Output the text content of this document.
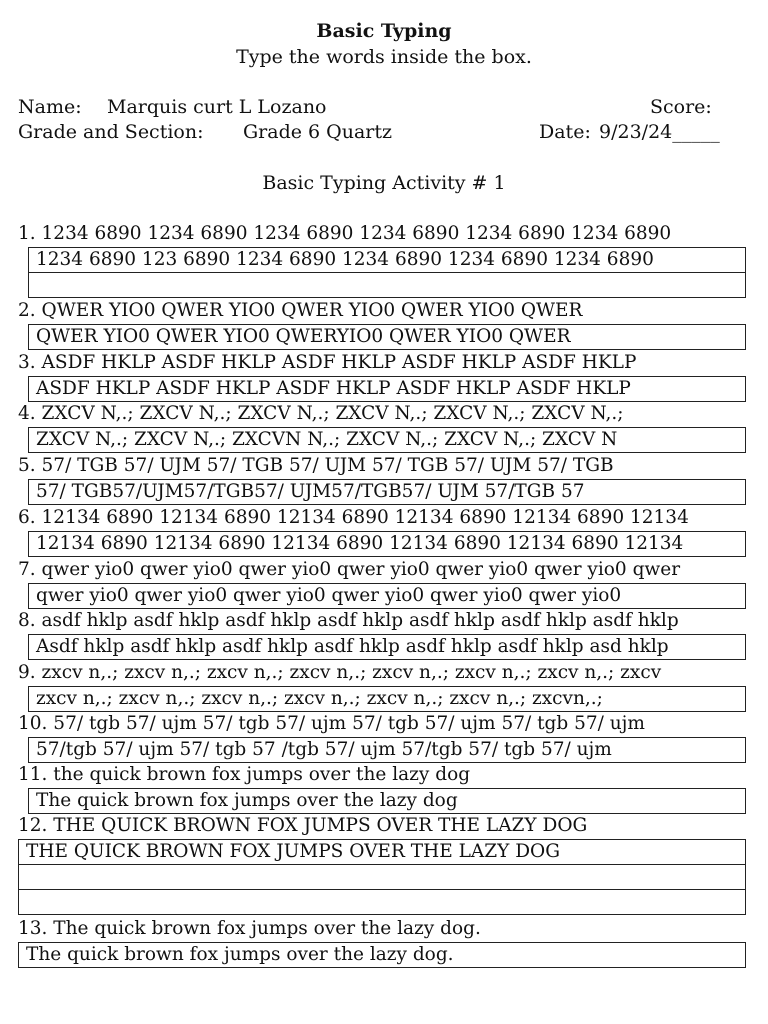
Basic Typing
Type the words inside the box.
Name: Marquis curt L Lozano	Score:
Grade and Section: Grade 6 Quartz	Date: 9/23/24_____
Basic Typing Activity # 1
1. 1234 6890 1234 6890 1234 6890 1234 6890 1234 6890 1234 6890
1234 6890 123 6890 1234 6890 1234 6890 1234 6890 1234 6890
2. QWER YIO0 QWER YIO0 QWER YIO0 QWER YIO0 QWER
QWER YIO0 QWER YIO0 QWERYIO0 QWER YIO0 QWER
3. ASDF HKLP ASDF HKLP ASDF HKLP ASDF HKLP ASDF HKLP
ASDF HKLP ASDF HKLP ASDF HKLP ASDF HKLP ASDF HKLP
4. ZXCV N,.; ZXCV N,.; ZXCV N,.; ZXCV N,.; ZXCV N,.; ZXCV N,.;
ZXCV N,.; ZXCV N,.; ZXCVN N,.; ZXCV N,.; ZXCV N,.; ZXCV N
5. 57/ TGB 57/ UJM 57/ TGB 57/ UJM 57/ TGB 57/ UJM 57/ TGB
57/ TGB57/UJM57/TGB57/ UJM57/TGB57/ UJM 57/TGB 57
6. 12134 6890 12134 6890 12134 6890 12134 6890 12134 6890 12134
12134 6890 12134 6890 12134 6890 12134 6890 12134 6890 12134
7. qwer yio0 qwer yio0 qwer yio0 qwer yio0 qwer yio0 qwer yio0 qwer
qwer yio0 qwer yio0 qwer yio0 qwer yio0 qwer yio0 qwer yio0
8. asdf hklp asdf hklp asdf hklp asdf hklp asdf hklp asdf hklp asdf hklp
Asdf hklp asdf hklp asdf hklp asdf hklp asdf hklp asdf hklp asd hklp
9. zxcv n,.; zxcv n,.; zxcv n,.; zxcv n,.; zxcv n,.; zxcv n,.; zxcv n,.; zxcv
zxcv n,.; zxcv n,.; zxcv n,.; zxcv n,.; zxcv n,.; zxcv n,.; zxcvn,.;
10. 57/ tgb 57/ ujm 57/ tgb 57/ ujm 57/ tgb 57/ ujm 57/ tgb 57/ ujm
57/tgb 57/ ujm 57/ tgb 57 /tgb 57/ ujm 57/tgb 57/ tgb 57/ ujm
11. the quick brown fox jumps over the lazy dog
The quick brown fox jumps over the lazy dog
12. THE QUICK BROWN FOX JUMPS OVER THE LAZY DOG
THE QUICK BROWN FOX JUMPS OVER THE LAZY DOG
13. The quick brown fox jumps over the lazy dog.
The quick brown fox jumps over the lazy dog.
